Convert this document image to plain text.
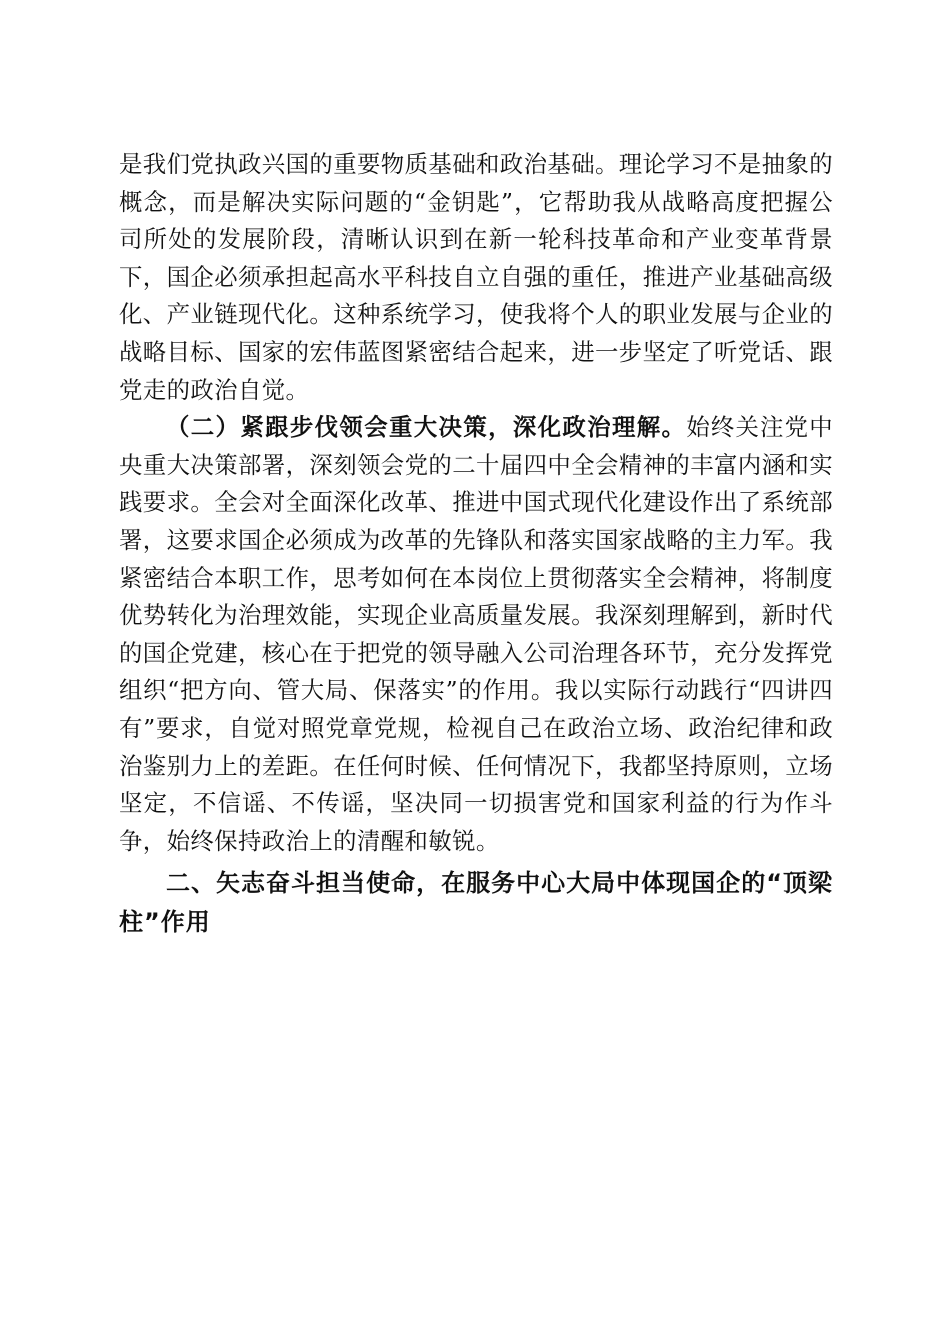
是我们党执政兴国的重要物质基础和政治基础。理论学习不是抽象的概念，而是解决实际问题的“金钥匙”，它帮助我从战略高度把握公司所处的发展阶段，清晰认识到在新一轮科技革命和产业变革背景下，国企必须承担起高水平科技自立自强的重任，推进产业基础高级化、产业链现代化。这种系统学习，使我将个人的职业发展与企业的战略目标、国家的宏伟蓝图紧密结合起来，进一步坚定了听党话、跟党走的政治自觉。

（二）紧跟步伐领会重大决策，深化政治理解。始终关注党中央重大决策部署，深刻领会党的二十届四中全会精神的丰富内涵和实践要求。全会对全面深化改革、推进中国式现代化建设作出了系统部署，这要求国企必须成为改革的先锋队和落实国家战略的主力军。我紧密结合本职工作，思考如何在本岗位上贯彻落实全会精神，将制度优势转化为治理效能，实现企业高质量发展。我深刻理解到，新时代的国企党建，核心在于把党的领导融入公司治理各环节，充分发挥党组织“把方向、管大局、保落实”的作用。我以实际行动践行“四讲四有”要求，自觉对照党章党规，检视自己在政治立场、政治纪律和政治鉴别力上的差距。在任何时候、任何情况下，我都坚持原则，立场坚定，不信谣、不传谣，坚决同一切损害党和国家利益的行为作斗争，始终保持政治上的清醒和敏锐。

二、矢志奋斗担当使命，在服务中心大局中体现国企的“顶梁柱”作用
